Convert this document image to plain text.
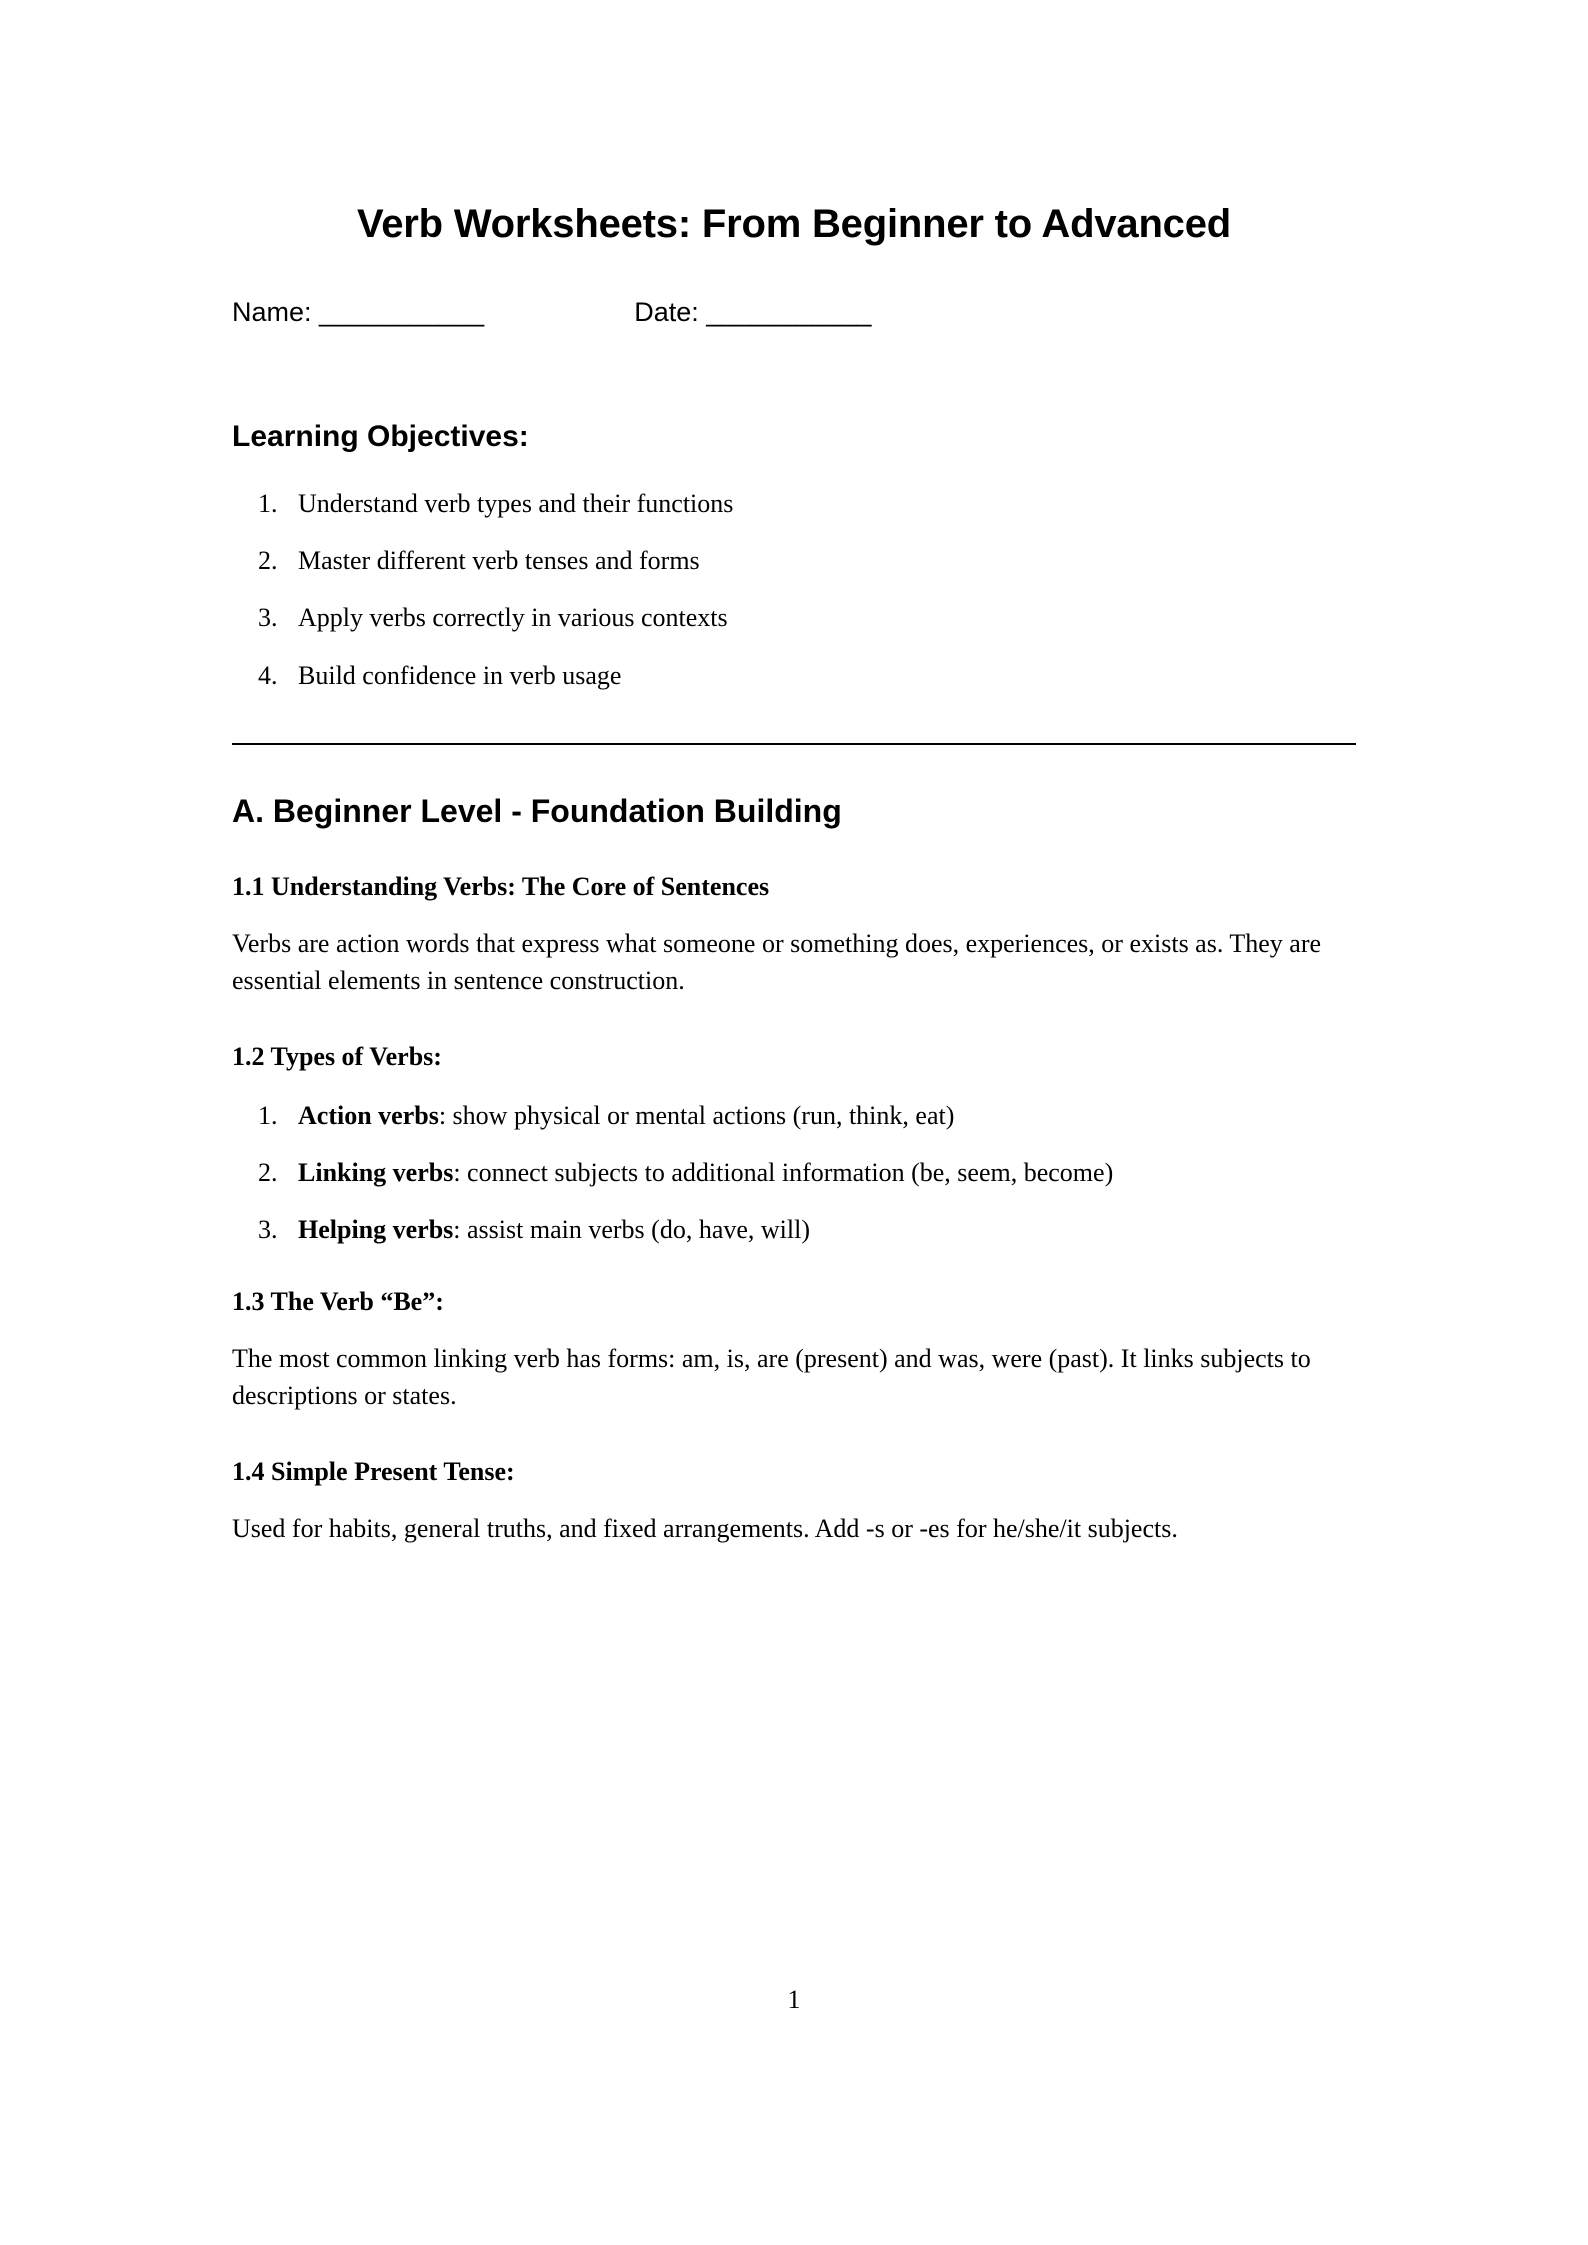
Verb Worksheets: From Beginner to Advanced
Name: ___________	Date: ___________
Learning Objectives:
1. Understand verb types and their functions
2. Master different verb tenses and forms
3. Apply verbs correctly in various contexts
4. Build confidence in verb usage
A. Beginner Level - Foundation Building
1.1 Understanding Verbs: The Core of Sentences

Verbs are action words that express what someone or something does, experiences, or exists as. They are essential elements in sentence construction.

1.2 Types of Verbs:
1. Action verbs: show physical or mental actions (run, think, eat)
2. Linking verbs: connect subjects to additional information (be, seem, become)
3. Helping verbs: assist main verbs (do, have, will)
1.3 The Verb “Be”:

The most common linking verb has forms: am, is, are (present) and was, were (past). It links subjects to descriptions or states.

1.4 Simple Present Tense:

Used for habits, general truths, and fixed arrangements. Add -s or -es for he/she/it subjects.

1
